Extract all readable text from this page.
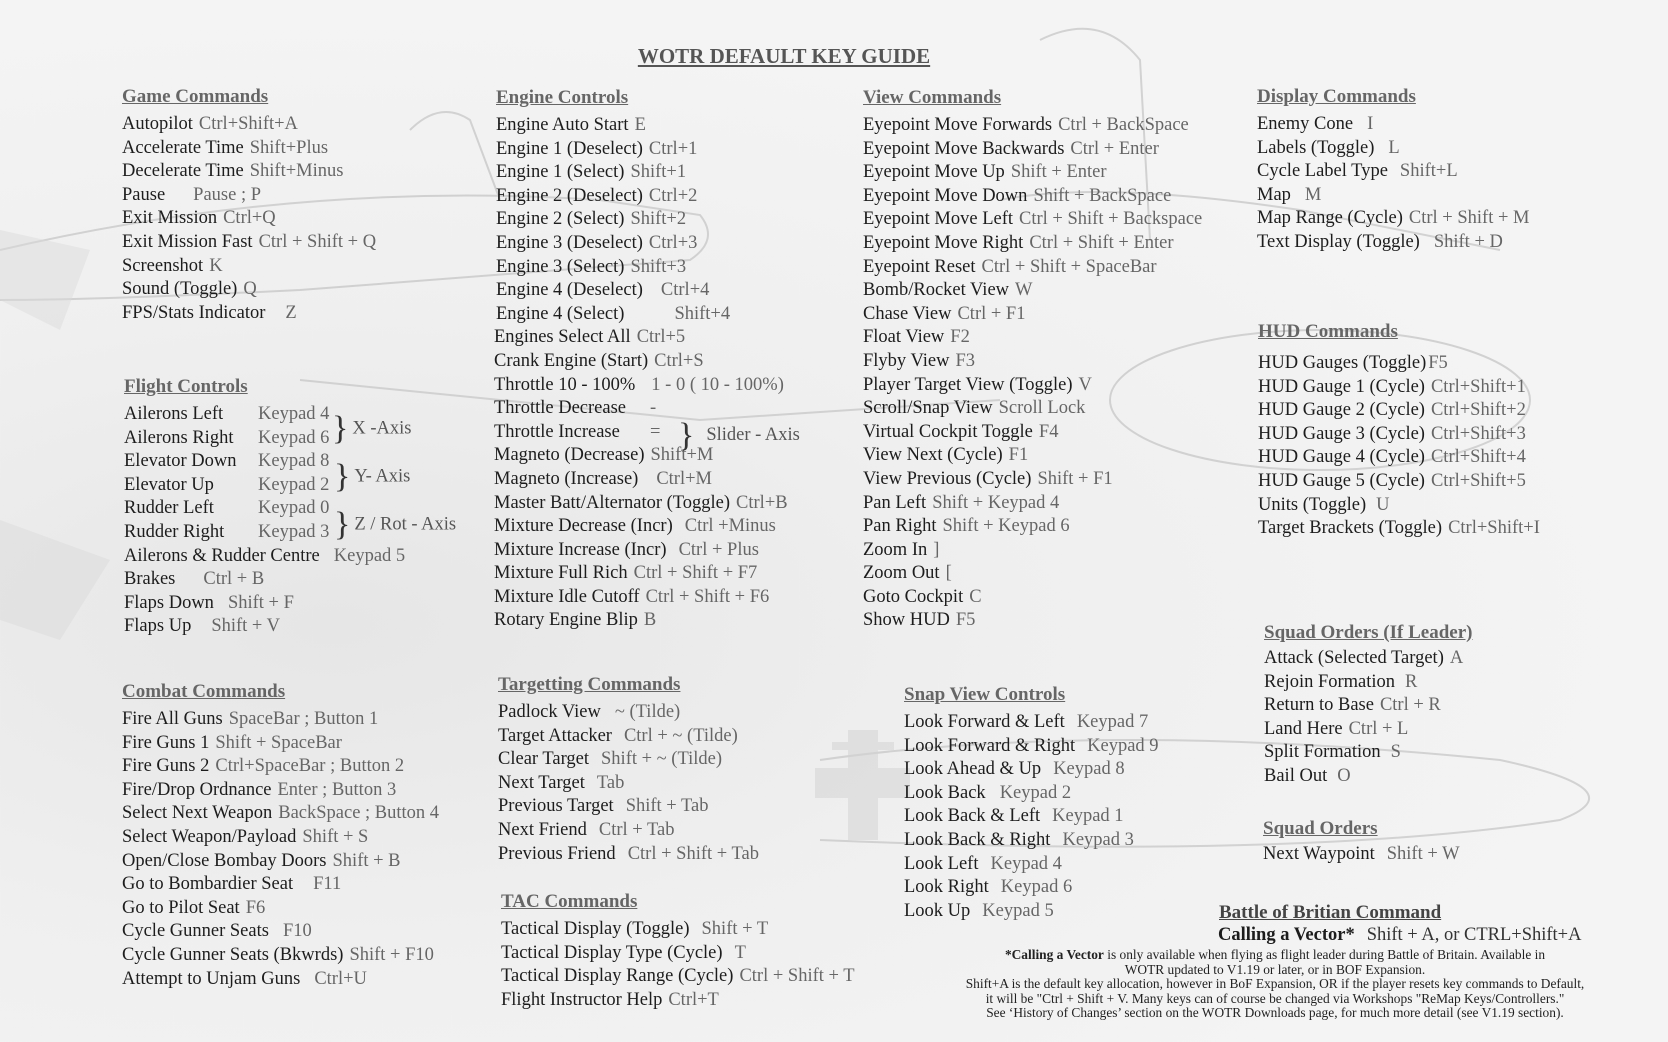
WOTR DEFAULT KEY GUIDE
Game Commands
Autopilot Ctrl+Shift+A
Accelerate Time Shift+Plus
Decelerate Time Shift+Minus
Pause Pause ; P
Exit Mission Ctrl+Q
Exit Mission Fast Ctrl + Shift + Q
Screenshot K
Sound (Toggle) Q
FPS/Stats Indicator Z
Flight Controls
Ailerons Left Keypad 4
Ailerons Right Keypad 6
Elevator Down Keypad 8
Elevator Up Keypad 2
Rudder Left Keypad 0
Rudder Right Keypad 3
Ailerons & Rudder Centre Keypad 5
Brakes Ctrl + B
Flaps Down Shift + F
Flaps Up Shift + V
} X -Axis
} Y- Axis
} Z / Rot - Axis
Combat Commands
Fire All Guns SpaceBar ; Button 1
Fire Guns 1 Shift + SpaceBar
Fire Guns 2 Ctrl+SpaceBar ; Button 2
Fire/Drop Ordnance Enter ; Button 3
Select Next Weapon BackSpace ; Button 4
Select Weapon/Payload Shift + S
Open/Close Bombay Doors Shift + B
Go to Bombardier Seat F11
Go to Pilot Seat F6
Cycle Gunner Seats F10
Cycle Gunner Seats (Bkwrds) Shift + F10
Attempt to Unjam Guns Ctrl+U
Engine Controls
Engine Auto Start E
Engine 1 (Deselect) Ctrl+1
Engine 1 (Select) Shift+1
Engine 2 (Deselect) Ctrl+2
Engine 2 (Select) Shift+2
Engine 3 (Deselect) Ctrl+3
Engine 3 (Select) Shift+3
Engine 4 (Deselect) Ctrl+4
Engine 4 (Select)	Shift+4
Engines Select All Ctrl+5
Crank Engine (Start) Ctrl+S
Throttle 10 - 100% 1 - 0 ( 10 - 100%)
Throttle Decrease -
Throttle Increase =
Magneto (Decrease) Shift+M
Magneto (Increase) Ctrl+M
Master Batt/Alternator (Toggle) Ctrl+B
Mixture Decrease (Incr) Ctrl +Minus
Mixture Increase (Incr) Ctrl + Plus
Mixture Full Rich Ctrl + Shift + F7
Mixture Idle Cutoff Ctrl + Shift + F6
Rotary Engine Blip B
} Slider - Axis
Targetting Commands
Padlock View ~ (Tilde)
Target Attacker Ctrl + ~ (Tilde)
Clear Target Shift + ~ (Tilde)
Next Target Tab
Previous Target Shift + Tab
Next Friend Ctrl + Tab
Previous Friend Ctrl + Shift + Tab
TAC Commands
Tactical Display (Toggle) Shift + T
Tactical Display Type (Cycle) T
Tactical Display Range (Cycle) Ctrl + Shift + T
Flight Instructor Help Ctrl+T
View Commands
Eyepoint Move Forwards Ctrl + BackSpace
Eyepoint Move Backwards Ctrl + Enter
Eyepoint Move Up Shift + Enter
Eyepoint Move Down Shift + BackSpace
Eyepoint Move Left Ctrl + Shift + Backspace
Eyepoint Move Right Ctrl + Shift + Enter
Eyepoint Reset Ctrl + Shift + SpaceBar
Bomb/Rocket View W
Chase View Ctrl + F1
Float View F2
Flyby View F3
Player Target View (Toggle) V
Scroll/Snap View Scroll Lock
Virtual Cockpit Toggle F4
View Next (Cycle) F1
View Previous (Cycle) Shift + F1
Pan Left Shift + Keypad 4
Pan Right Shift + Keypad 6
Zoom In ]
Zoom Out [
Goto Cockpit C
Show HUD F5
Snap View Controls
Look Forward & Left Keypad 7
Look Forward & Right Keypad 9
Look Ahead & Up Keypad 8
Look Back Keypad 2
Look Back & Left Keypad 1
Look Back & Right Keypad 3
Look Left Keypad 4
Look Right Keypad 6
Look Up Keypad 5
Display Commands
Enemy Cone I
Labels (Toggle) L
Cycle Label Type Shift+L
Map M
Map Range (Cycle) Ctrl + Shift + M
Text Display (Toggle) Shift + D
HUD Commands
HUD Gauges (Toggle) F5
HUD Gauge 1 (Cycle) Ctrl+Shift+1
HUD Gauge 2 (Cycle) Ctrl+Shift+2
HUD Gauge 3 (Cycle) Ctrl+Shift+3
HUD Gauge 4 (Cycle) Ctrl+Shift+4
HUD Gauge 5 (Cycle) Ctrl+Shift+5
Units (Toggle) U
Target Brackets (Toggle) Ctrl+Shift+I
Squad Orders (If Leader)
Attack (Selected Target) A
Rejoin Formation R
Return to Base Ctrl + R
Land Here Ctrl + L
Split Formation S
Bail Out O
Squad Orders
Next Waypoint Shift + W
Battle of Britian Command
Calling a Vector* Shift + A, or CTRL+Shift+A
*Calling a Vector is only available when flying as flight leader during Battle of Britain. Available in
WOTR updated to V1.19 or later, or in BOF Expansion.
Shift+A is the default key allocation, however in BoF Expansion, OR if the player resets key commands to Default,
it will be "Ctrl + Shift + V. Many keys can of course be changed via Workshops "ReMap Keys/Controllers."
See ‘History of Changes’ section on the WOTR Downloads page, for much more detail (see V1.19 section).
